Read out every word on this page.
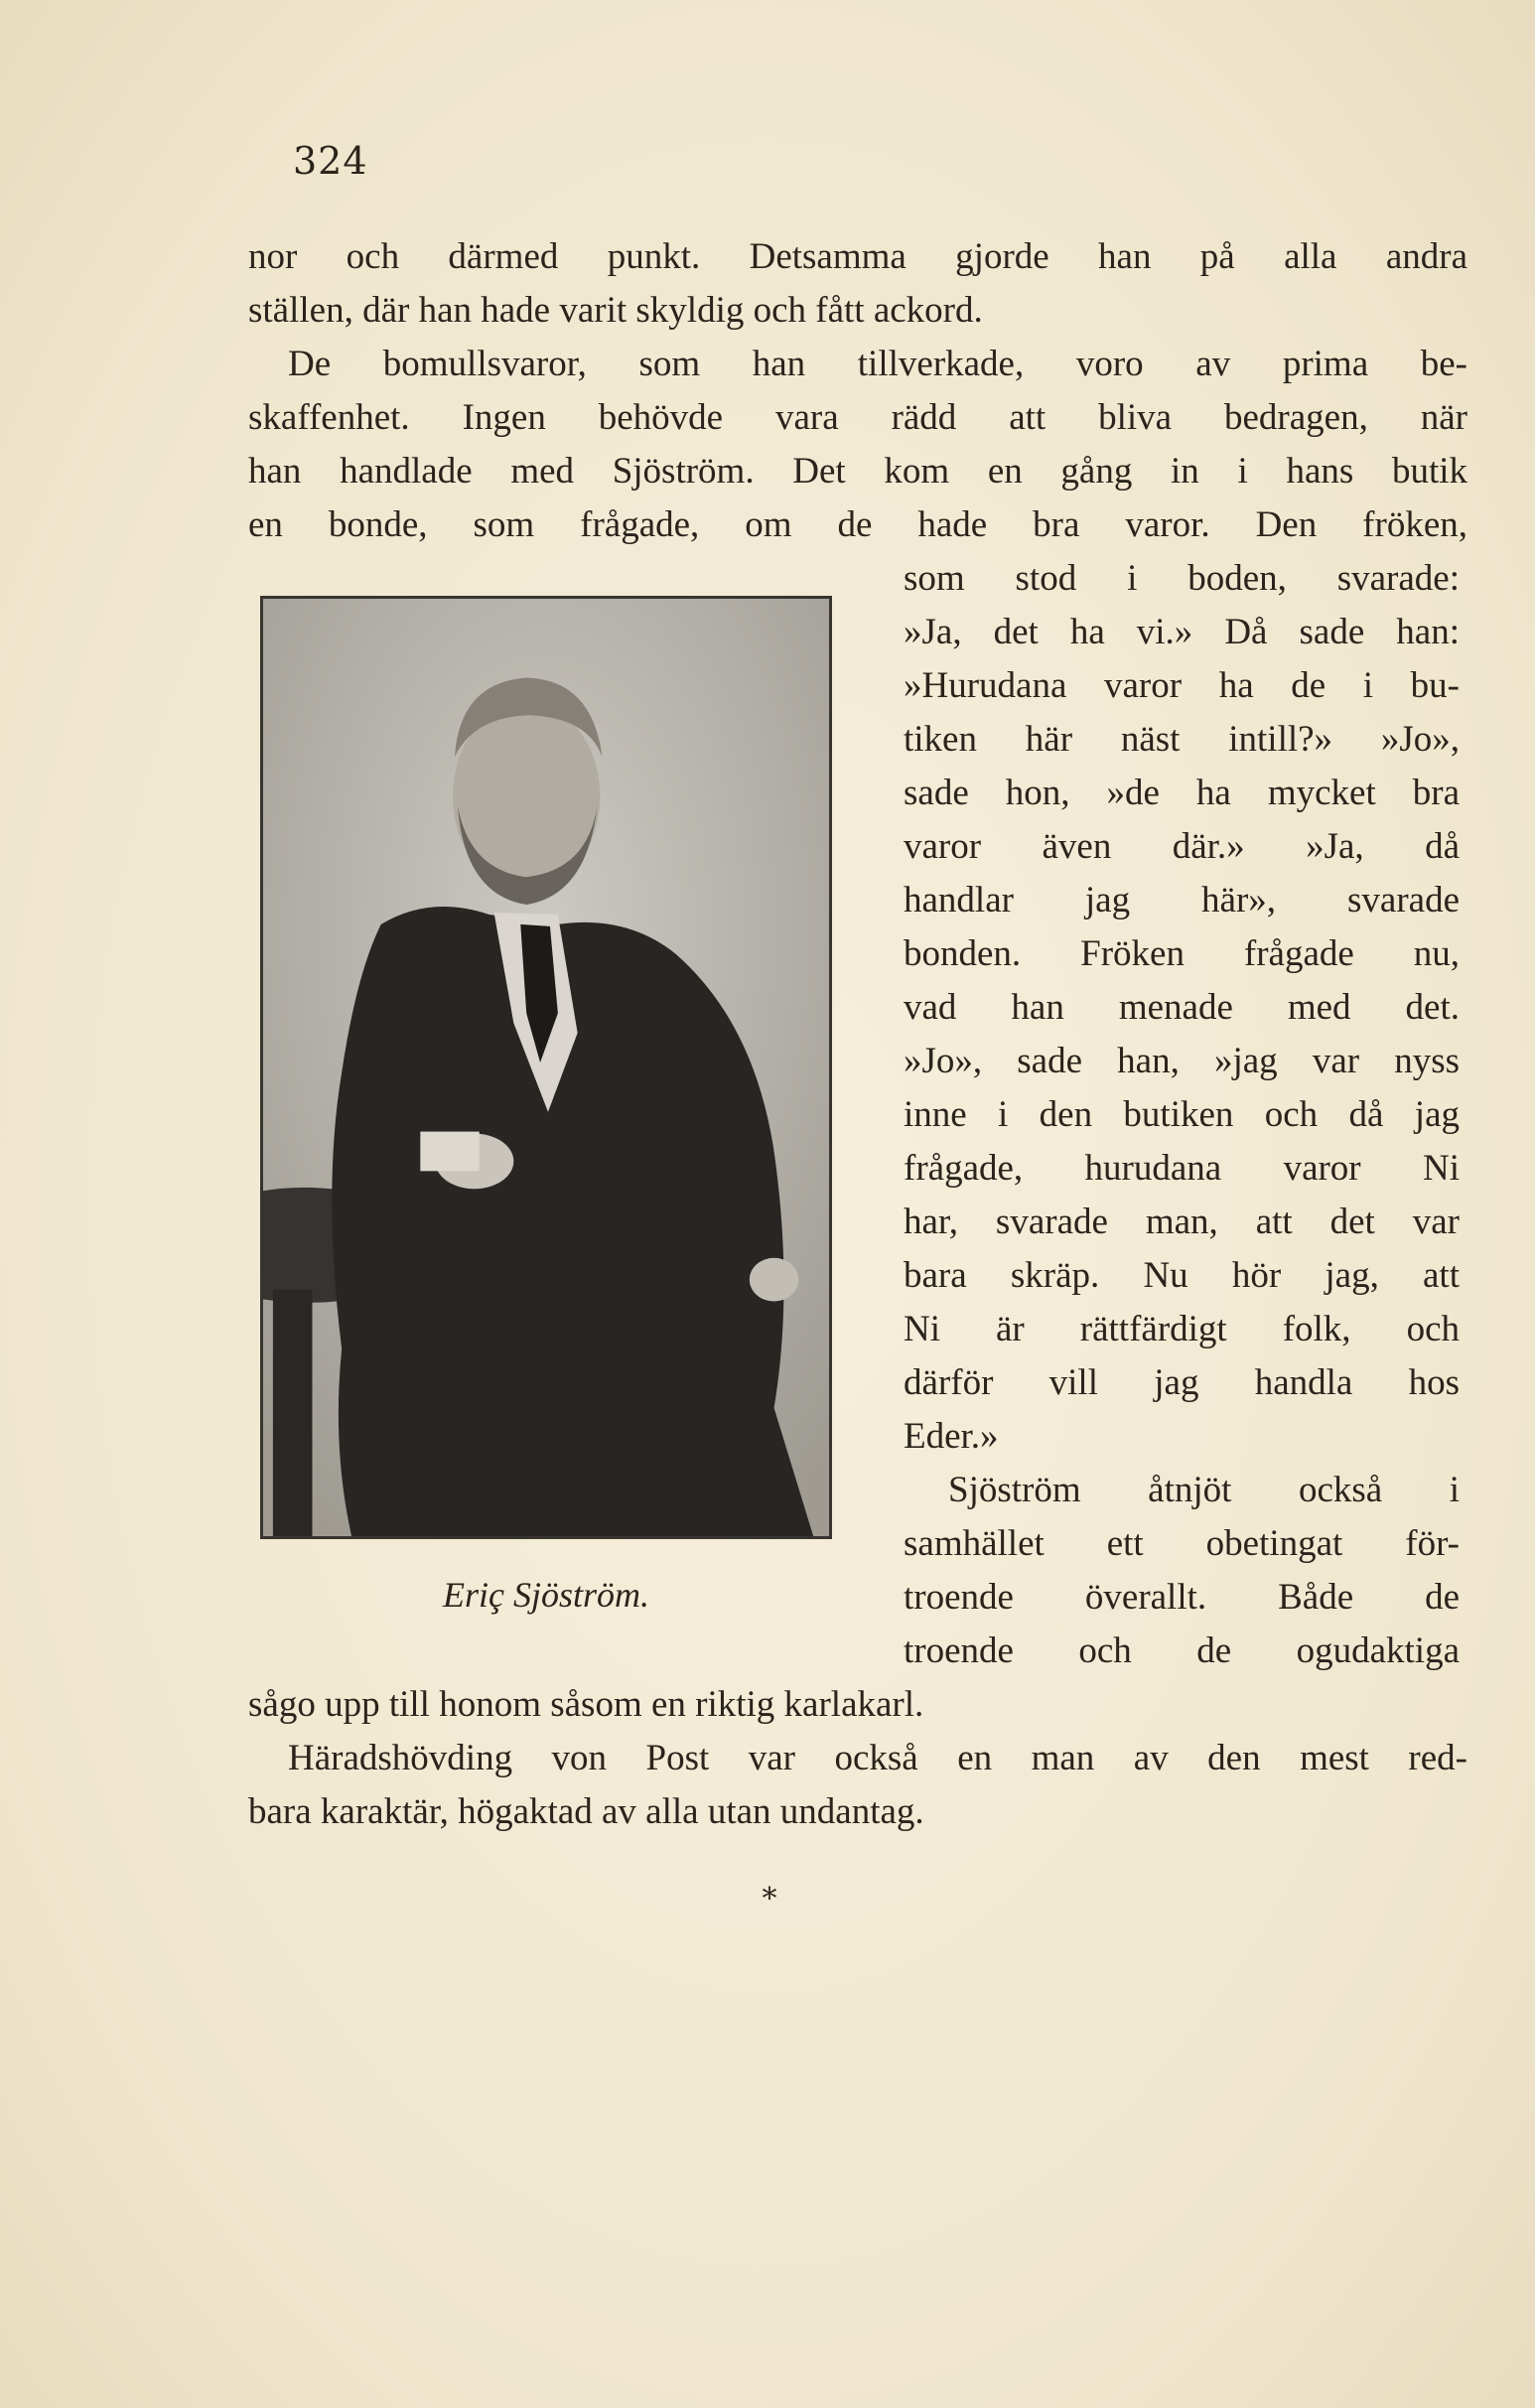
324
nor och därmed punkt. Detsamma gjorde han på alla andra
ställen, där han hade varit skyldig och fått ackord.
De bomullsvaror, som han tillverkade, voro av prima be-
skaffenhet. Ingen behövde vara rädd att bliva bedragen, när
han handlade med Sjöström. Det kom en gång in i hans butik
en bonde, som frågade, om de hade bra varor. Den fröken,
som stod i boden, svarade:
»Ja, det ha vi.» Då sade han:
»Hurudana varor ha de i bu-
tiken här näst intill?» »Jo»,
sade hon, »de ha mycket bra
varor även där.» »Ja, då
handlar jag här», svarade
bonden. Fröken frågade nu,
vad han menade med det.
»Jo», sade han, »jag var nyss
inne i den butiken och då jag
frågade, hurudana varor Ni
har, svarade man, att det var
bara skräp. Nu hör jag, att
Ni är rättfärdigt folk, och
därför vill jag handla hos
Eder.»
Sjöström åtnjöt också i
samhället ett obetingat för-
troende överallt. Både de
troende och de ogudaktiga
Eriç Sjöström.
sågo upp till honom såsom en riktig karlakarl.
Häradshövding von Post var också en man av den mest red-
bara karaktär, högaktad av alla utan undantag.
*
